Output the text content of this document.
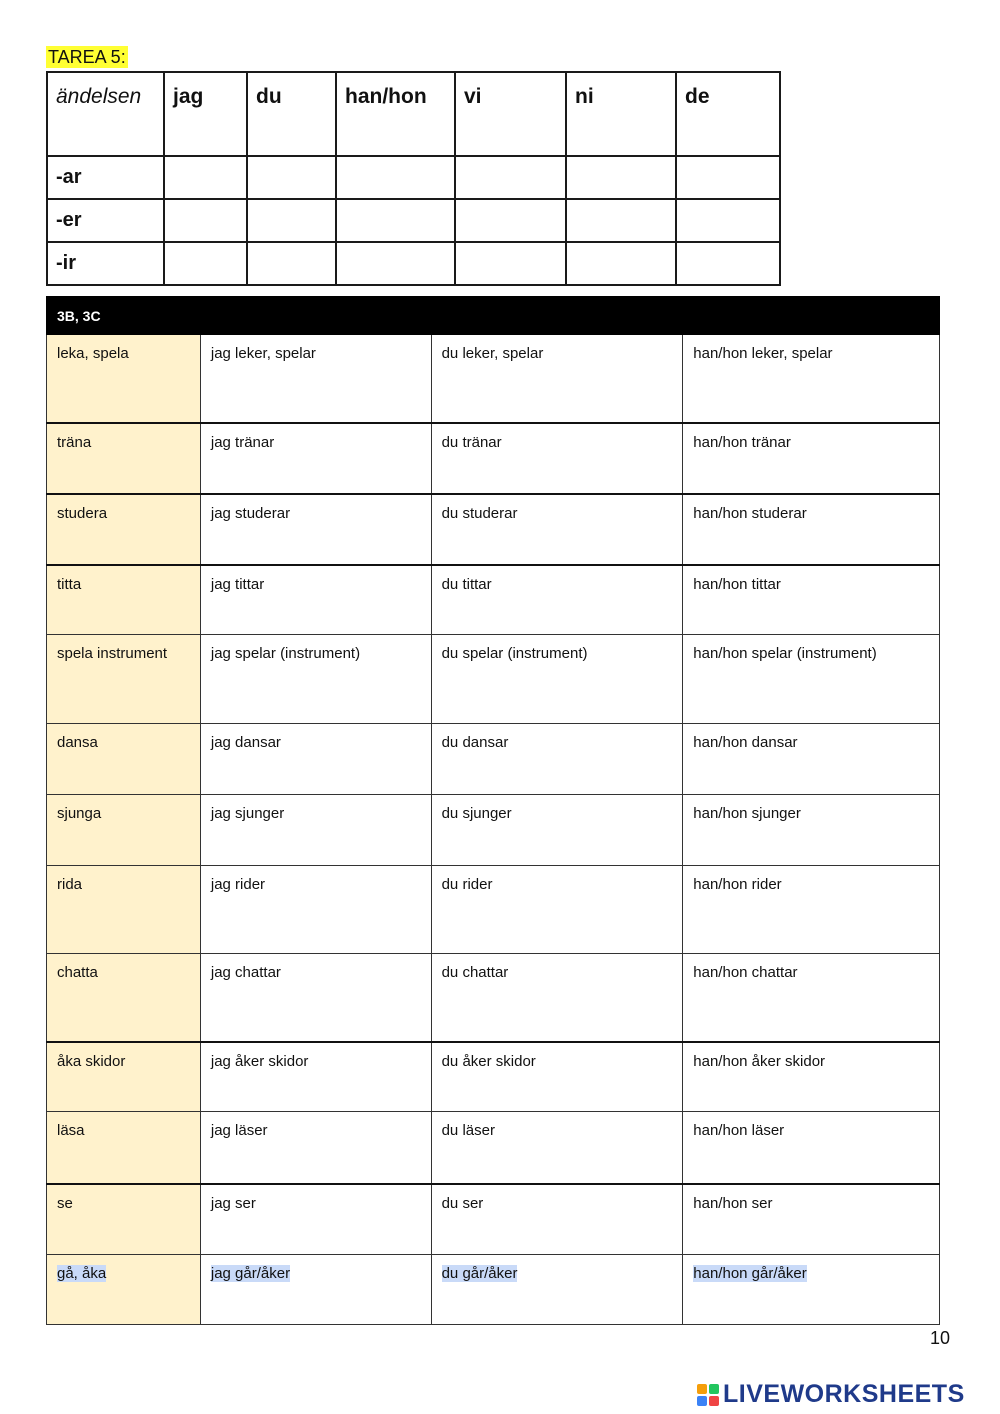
TAREA 5:
ändelsen	jag	du	han/hon	vi	ni	de
-ar						
-er						
-ir						
3B, 3C			
leka, spela	jag leker, spelar	du leker, spelar	han/hon leker, spelar
träna	jag tränar	du tränar	han/hon tränar
studera	jag studerar	du studerar	han/hon studerar
titta	jag tittar	du tittar	han/hon tittar
spela instrument	jag spelar (instrument)	du spelar (instrument)	han/hon spelar (instrument)
dansa	jag dansar	du dansar	han/hon dansar
sjunga	jag sjunger	du sjunger	han/hon sjunger
rida	jag rider	du rider	han/hon rider
chatta	jag chattar	du chattar	han/hon chattar
åka skidor	jag åker skidor	du åker skidor	han/hon åker skidor
läsa	jag läser	du läser	han/hon läser
se	jag ser	du ser	han/hon ser
gå, åka	jag går/åker	du går/åker	han/hon går/åker
10
LIVEWORKSHEETS
